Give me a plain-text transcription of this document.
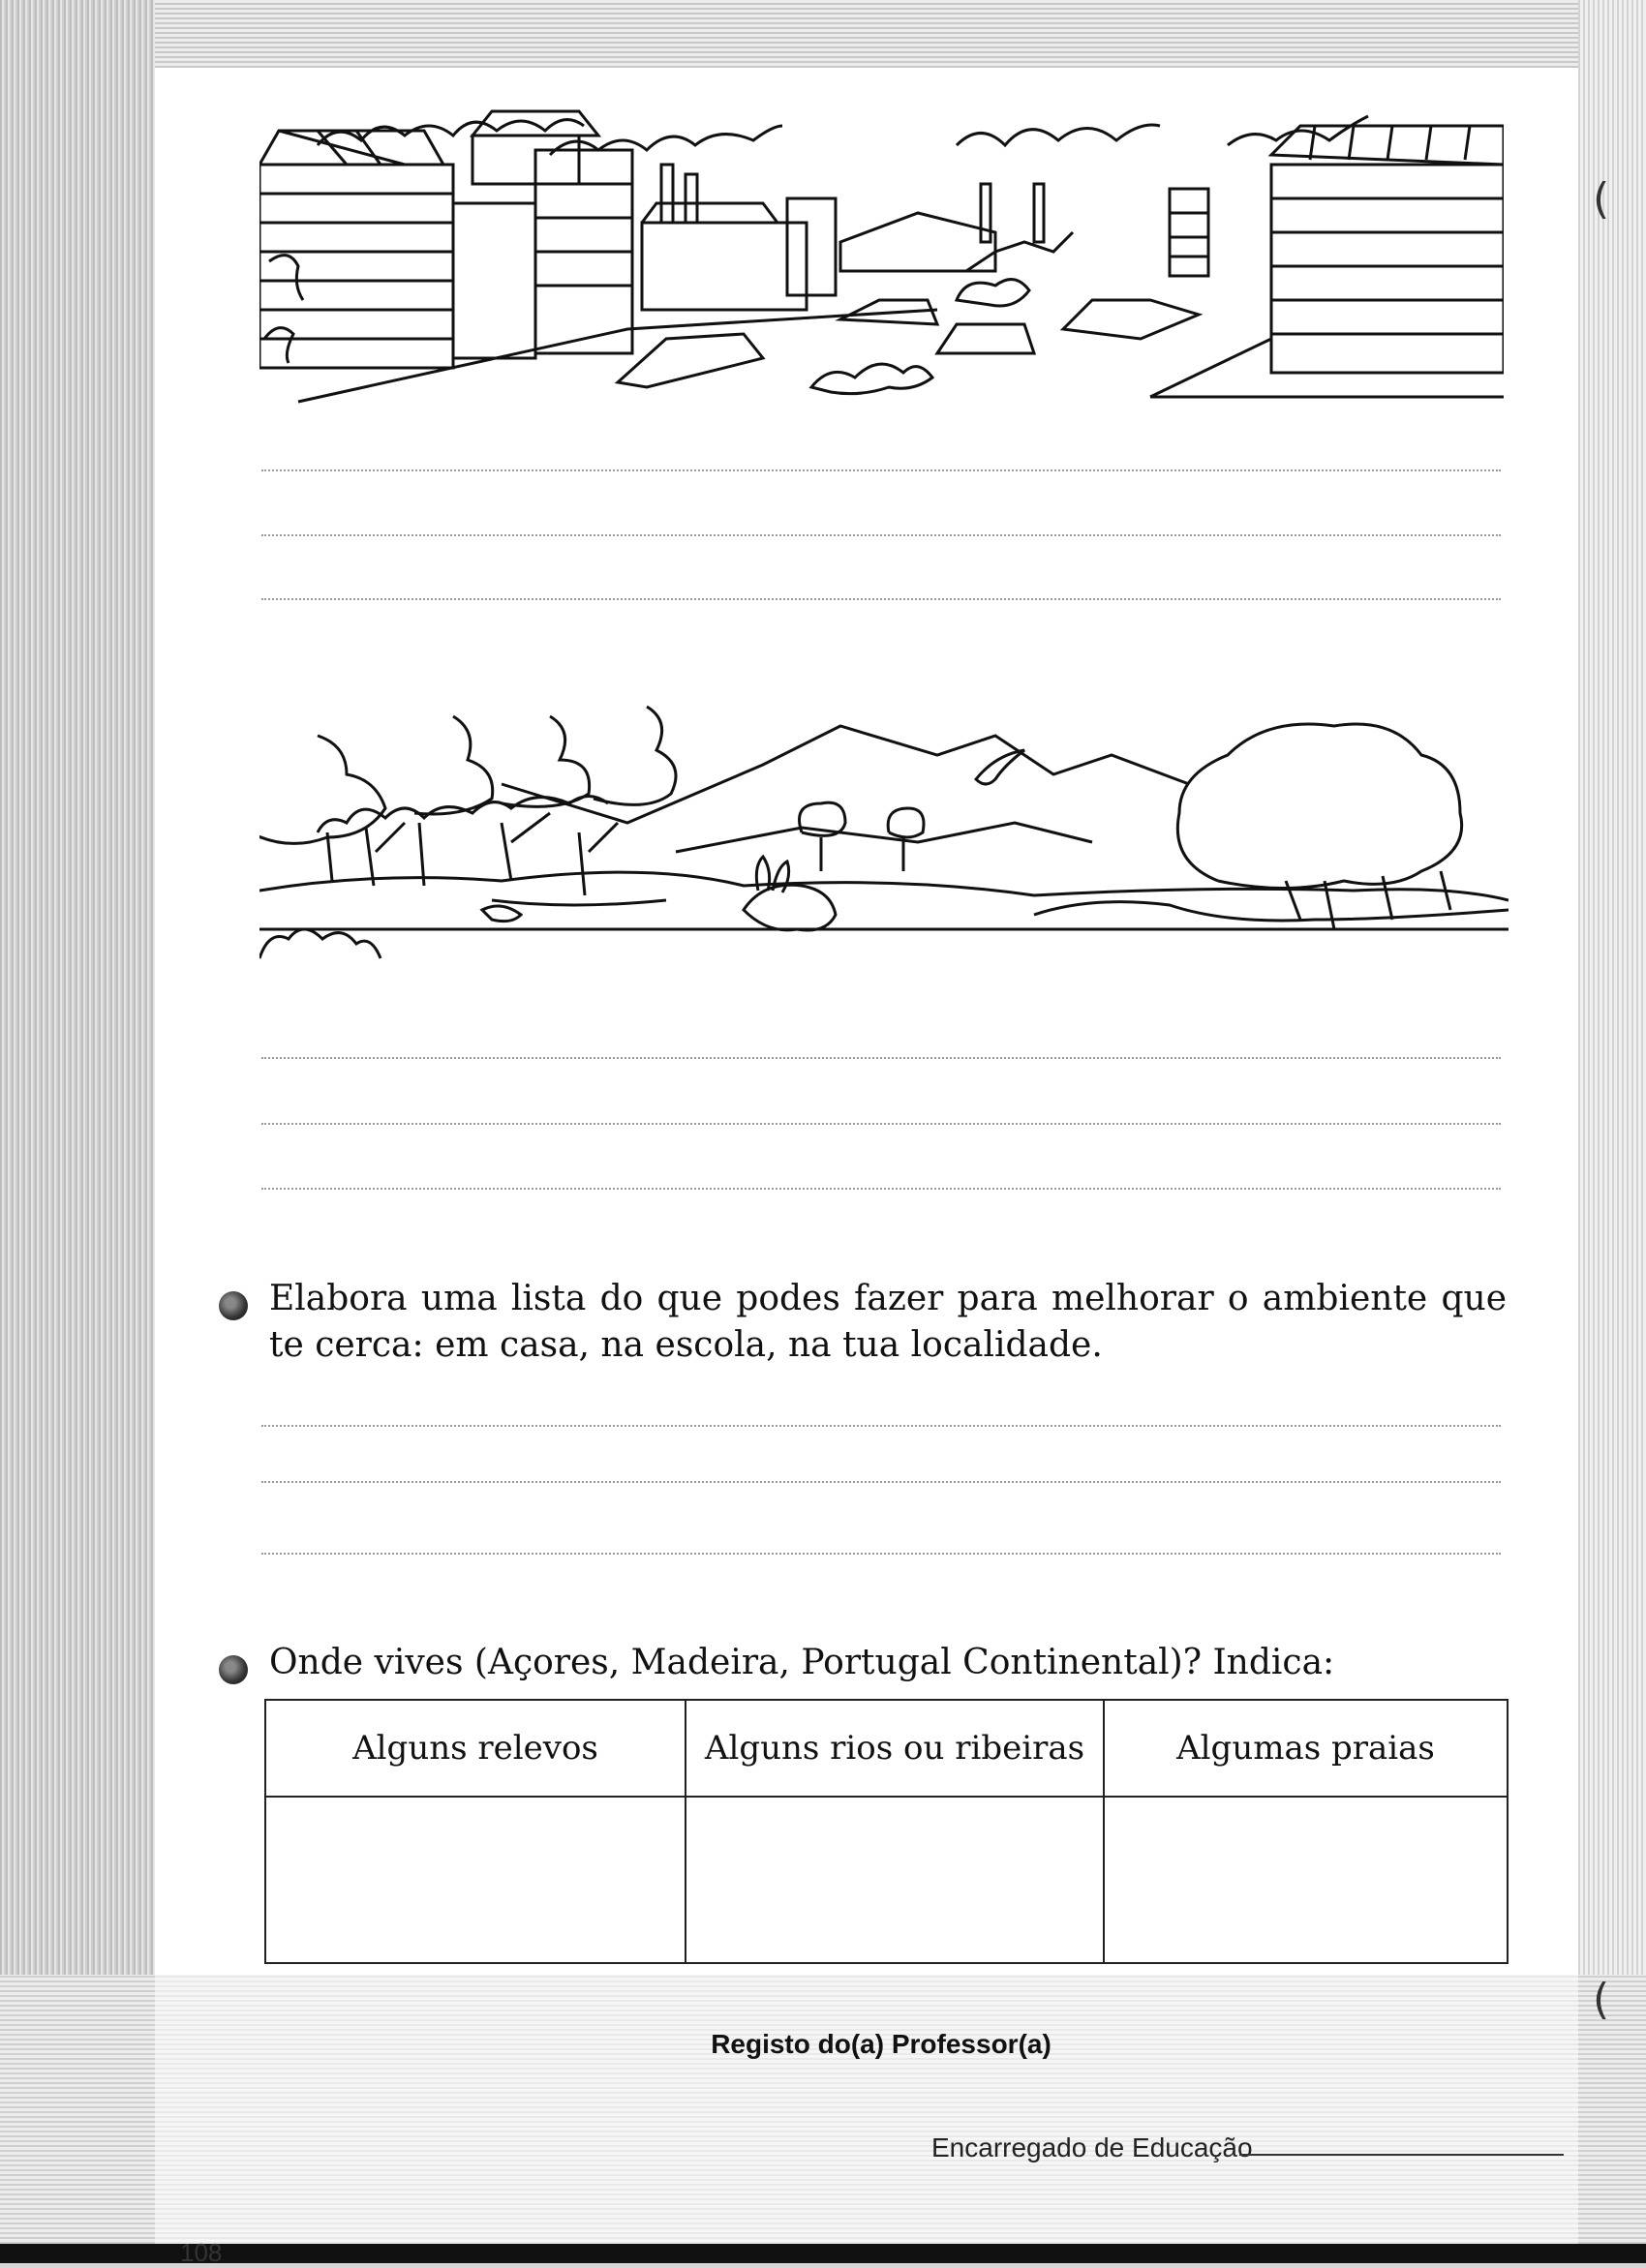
Elabora uma lista do que podes fazer para melhorar o ambiente que te cerca: em casa, na escola, na tua localidade.
Onde vives (Açores, Madeira, Portugal Continental)? Indica:
Alguns relevos	Alguns rios ou ribeiras	Algumas praias

Registo do(a) Professor(a)
Encarregado de Educação
108
(
(
